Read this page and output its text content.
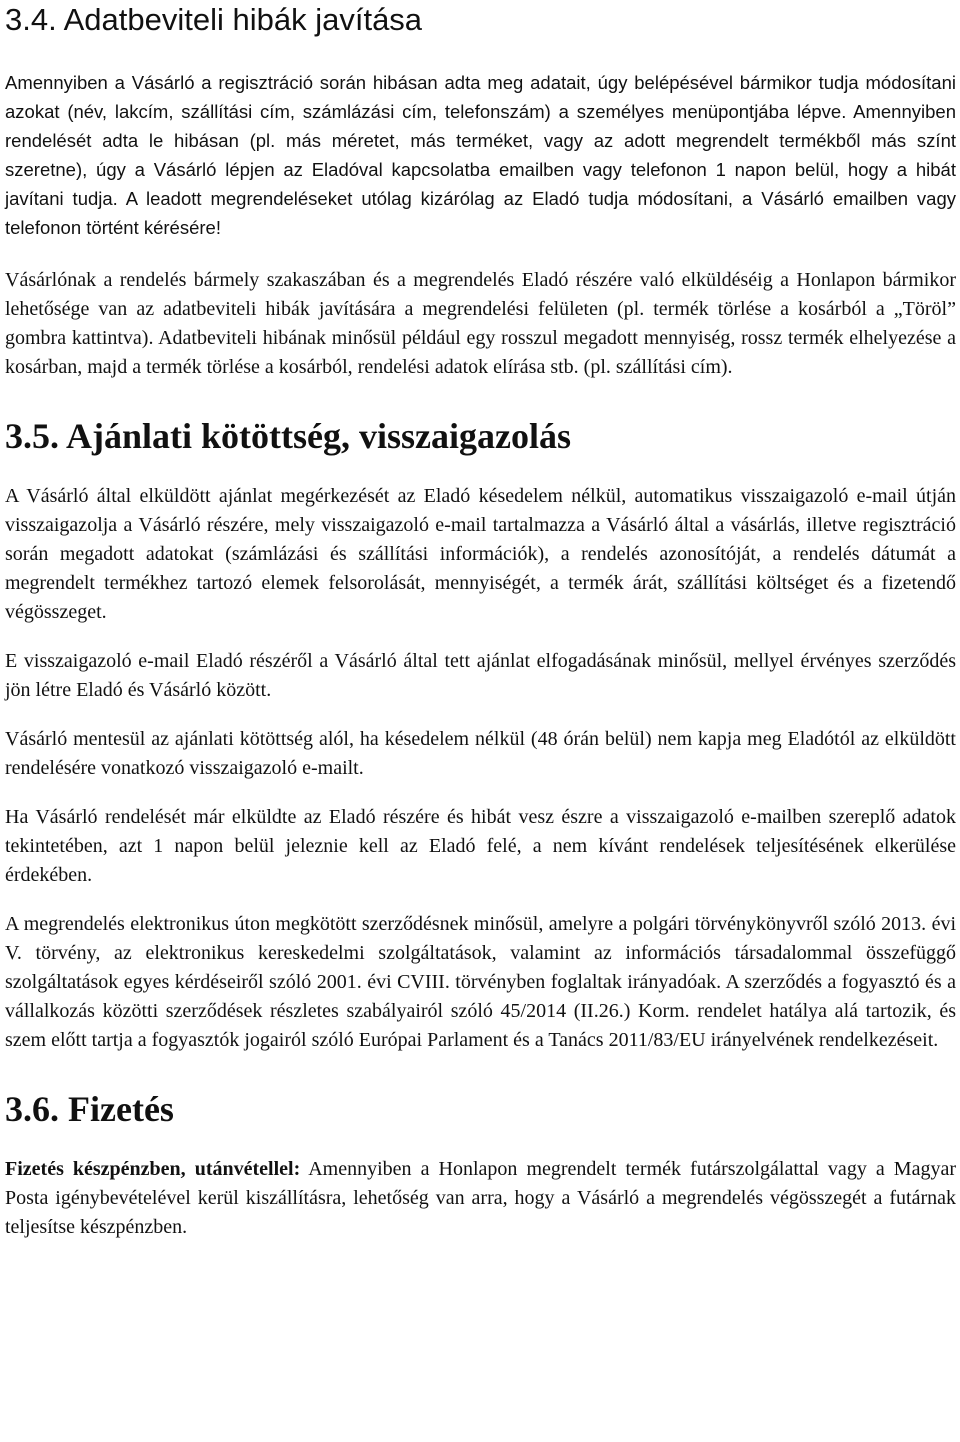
3.4. Adatbeviteli hibák javítása

Amennyiben a Vásárló a regisztráció során hibásan adta meg adatait, úgy belépésével bármikor tudja módosítani azokat (név, lakcím, szállítási cím, számlázási cím, telefonszám) a személyes menüpontjába lépve. Amennyiben rendelését adta le hibásan (pl. más méretet, más terméket, vagy az adott megrendelt termékből más színt szeretne), úgy a Vásárló lépjen az Eladóval kapcsolatba emailben vagy telefonon 1 napon belül, hogy a hibát javítani tudja. A leadott megrendeléseket utólag kizárólag az Eladó tudja módosítani, a Vásárló emailben vagy telefonon történt kérésére!

Vásárlónak a rendelés bármely szakaszában és a megrendelés Eladó részére való elküldéséig a Honlapon bármikor lehetősége van az adatbeviteli hibák javítására a megrendelési felületen (pl. termék törlése a kosárból a „Töröl” gombra kattintva). Adatbeviteli hibának minősül például egy rosszul megadott mennyiség, rossz termék elhelyezése a kosárban, majd a termék törlése a kosárból, rendelési adatok elírása stb. (pl. szállítási cím).

3.5. Ajánlati kötöttség, visszaigazolás

A Vásárló által elküldött ajánlat megérkezését az Eladó késedelem nélkül, automatikus visszaigazoló e-mail útján visszaigazolja a Vásárló részére, mely visszaigazoló e-mail tartalmazza a Vásárló által a vásárlás, illetve regisztráció során megadott adatokat (számlázási és szállítási információk), a rendelés azonosítóját, a rendelés dátumát a megrendelt termékhez tartozó elemek felsorolását, mennyiségét, a termék árát, szállítási költséget és a fizetendő végösszeget.

E visszaigazoló e-mail Eladó részéről a Vásárló által tett ajánlat elfogadásának minősül, mellyel érvényes szerződés jön létre Eladó és Vásárló között.

Vásárló mentesül az ajánlati kötöttség alól, ha késedelem nélkül (48 órán belül) nem kapja meg Eladótól az elküldött rendelésére vonatkozó visszaigazoló e-mailt.

Ha Vásárló rendelését már elküldte az Eladó részére és hibát vesz észre a visszaigazoló e-mailben szereplő adatok tekintetében, azt 1 napon belül jeleznie kell az Eladó felé, a nem kívánt rendelések teljesítésének elkerülése érdekében.

A megrendelés elektronikus úton megkötött szerződésnek minősül, amelyre a polgári törvénykönyvről szóló 2013. évi V. törvény, az elektronikus kereskedelmi szolgáltatások, valamint az információs társadalommal összefüggő szolgáltatások egyes kérdéseiről szóló 2001. évi CVIII. törvényben foglaltak irányadóak. A szerződés a fogyasztó és a vállalkozás közötti szerződések részletes szabályairól szóló 45/2014 (II.26.) Korm. rendelet hatálya alá tartozik, és szem előtt tartja a fogyasztók jogairól szóló Európai Parlament és a Tanács 2011/83/EU irányelvének rendelkezéseit.

3.6. Fizetés

Fizetés készpénzben, utánvétellel: Amennyiben a Honlapon megrendelt termék futárszolgálattal vagy a Magyar Posta igénybevételével kerül kiszállításra, lehetőség van arra, hogy a Vásárló a megrendelés végösszegét a futárnak teljesítse készpénzben.
